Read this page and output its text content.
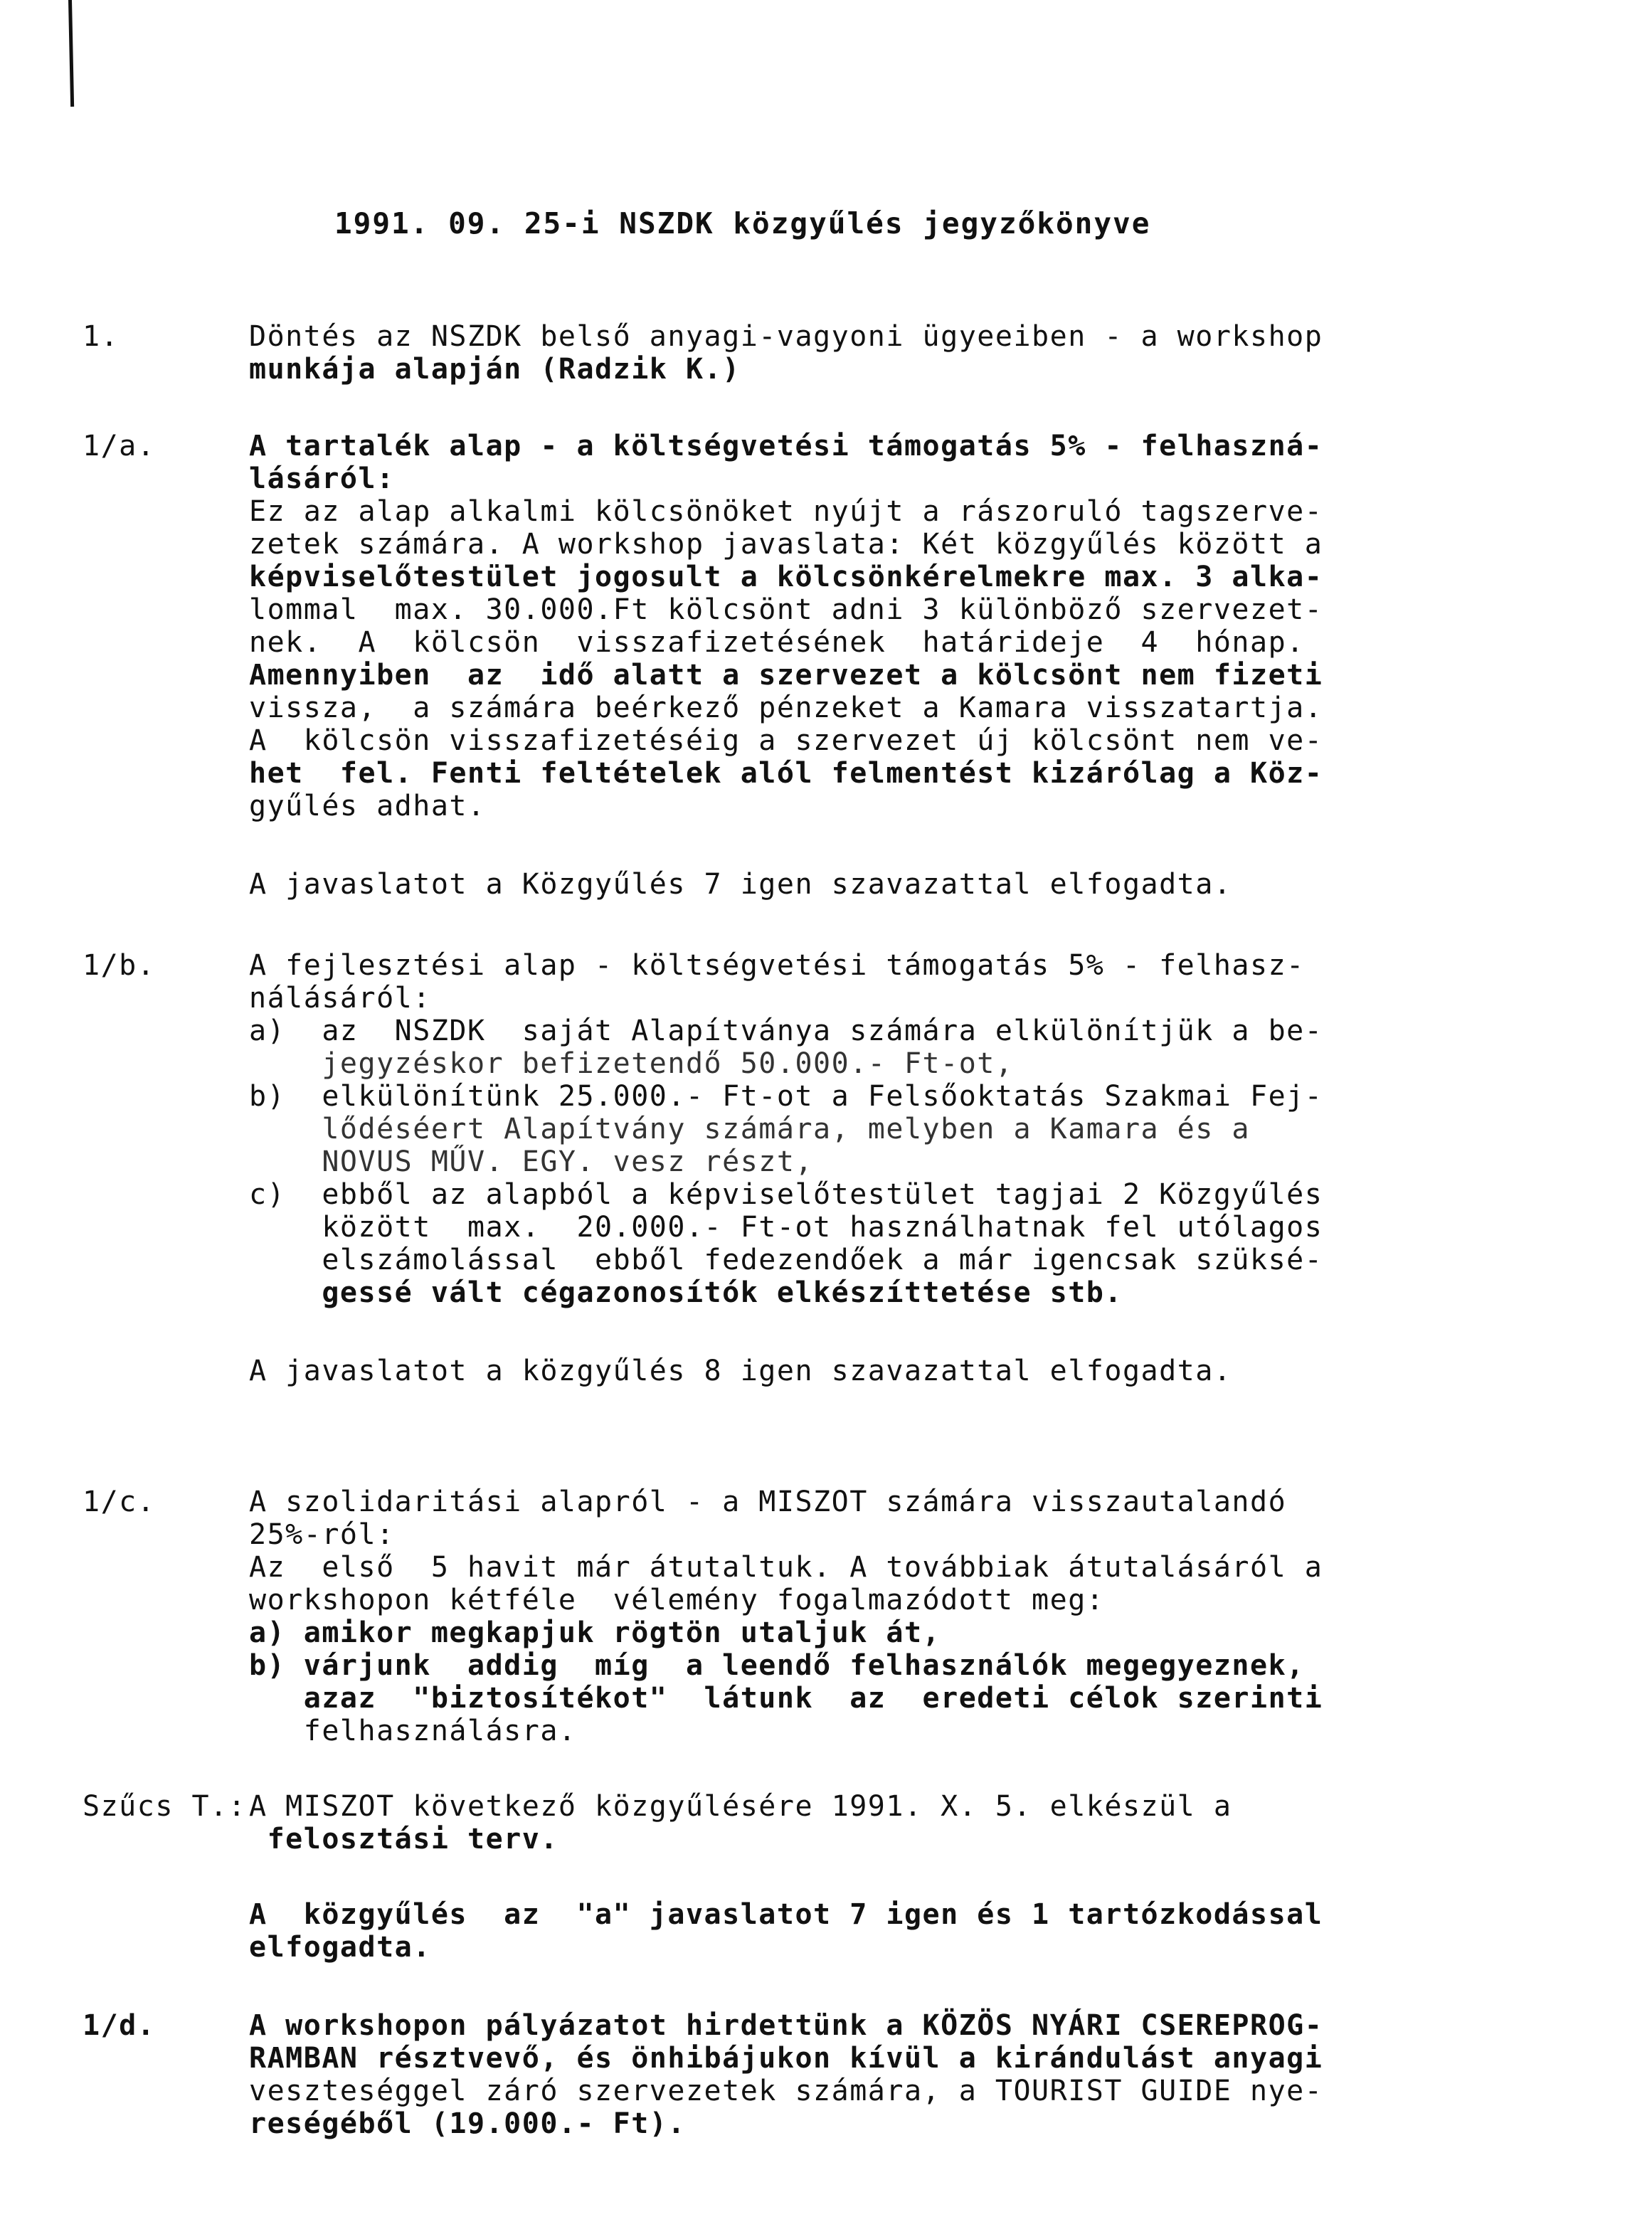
1991. 09. 25-i NSZDK közgyűlés jegyzőkönyve
1.	Döntés az NSZDK belső anyagi-vagyoni ügyeeiben - a workshop
munkája alapján (Radzik K.)
1/a.	A tartalék alap - a költségvetési támogatás 5% - felhaszná-
lásáról:
Ez az alap alkalmi kölcsönöket nyújt a rászoruló tagszerve-
zetek számára. A workshop javaslata: Két közgyűlés között a
képviselőtestület jogosult a kölcsönkérelmekre max. 3 alka-
lommal  max. 30.000.Ft kölcsönt adni 3 különböző szervezet-
nek.  A  kölcsön  visszafizetésének  határideje  4  hónap.
Amennyiben  az  idő alatt a szervezet a kölcsönt nem fizeti
vissza,  a számára beérkező pénzeket a Kamara visszatartja.
A  kölcsön visszafizetéséig a szervezet új kölcsönt nem ve-
het  fel. Fenti feltételek alól felmentést kizárólag a Köz-
gyűlés adhat.
A javaslatot a Közgyűlés 7 igen szavazattal elfogadta.
1/b.	A fejlesztési alap - költségvetési támogatás 5% - felhasz-
nálásáról:
a)  az  NSZDK  saját Alapítványa számára elkülönítjük a be-
jegyzéskor befizetendő 50.000.- Ft-ot,
b)  elkülönítünk 25.000.- Ft-ot a Felsőoktatás Szakmai Fej-
lődéséert Alapítvány számára, melyben a Kamara és a
NOVUS MŰV. EGY. vesz részt,
c)  ebből az alapból a képviselőtestület tagjai 2 Közgyűlés
között  max.  20.000.- Ft-ot használhatnak fel utólagos
elszámolással  ebből fedezendőek a már igencsak szüksé-
gessé vált cégazonosítók elkészíttetése stb.
A javaslatot a közgyűlés 8 igen szavazattal elfogadta.
1/c.	A szolidaritási alapról - a MISZOT számára visszautalandó
25%-ról:
Az  első  5 havit már átutaltuk. A továbbiak átutalásáról a
workshopon kétféle  vélemény fogalmazódott meg:
a) amikor megkapjuk rögtön utaljuk át,
b) várjunk  addig  míg  a leendő felhasználók megegyeznek,
azaz  "biztosítékot"  látunk  az  eredeti célok szerinti
felhasználásra.
Szűcs T.: A MISZOT következő közgyűlésére 1991. X. 5. elkészül a
felosztási terv.
A  közgyűlés  az  "a" javaslatot 7 igen és 1 tartózkodással
elfogadta.
1/d.	A workshopon pályázatot hirdettünk a KÖZÖS NYÁRI CSEREPROG-
RAMBAN résztvevő, és önhibájukon kívül a kirándulást anyagi
veszteséggel záró szervezetek számára, a TOURIST GUIDE nye-
reségéből (19.000.- Ft).
